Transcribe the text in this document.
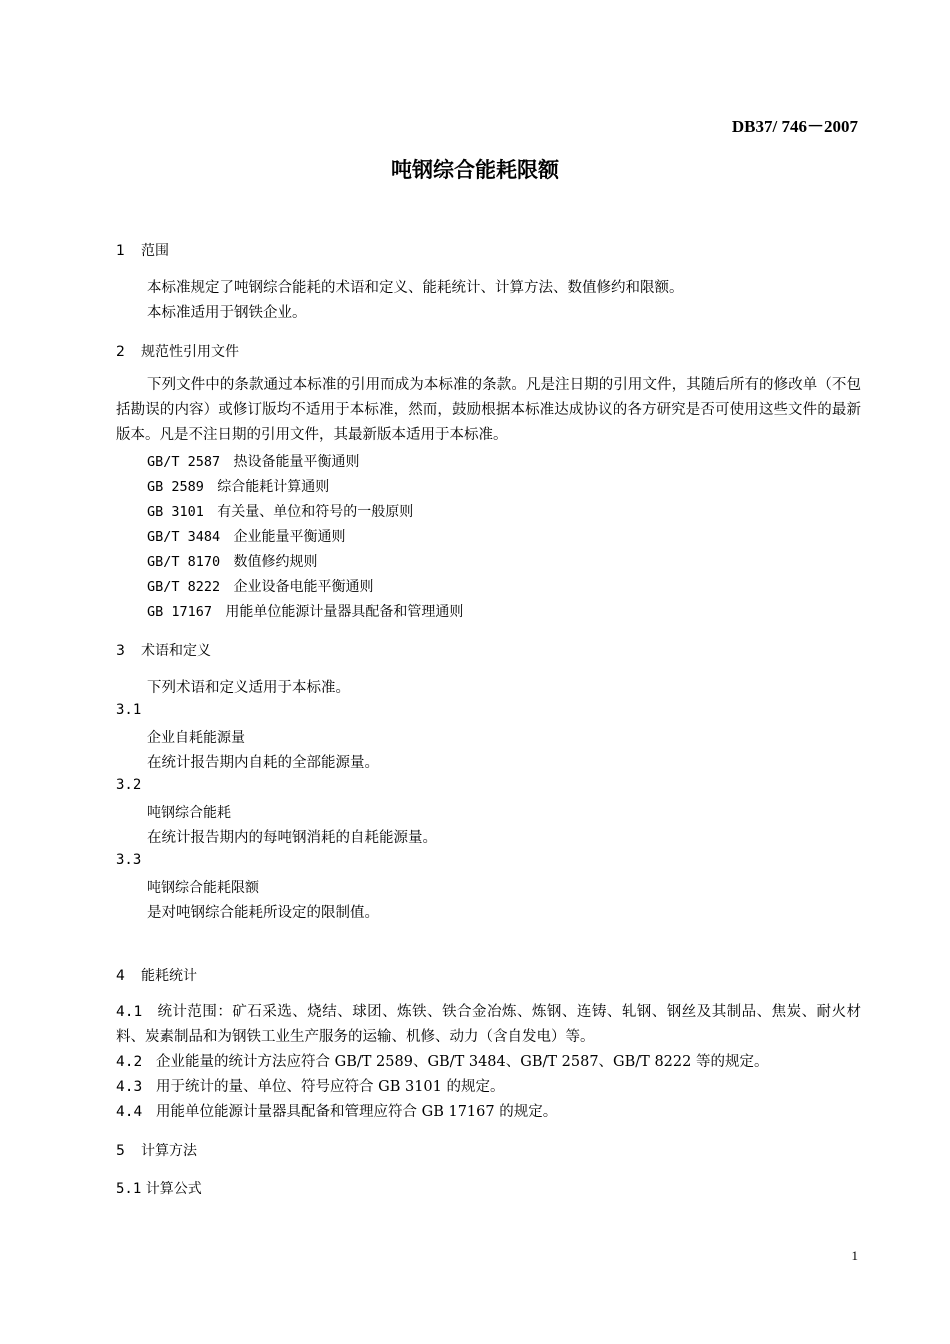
DB37/ 746－2007
吨钢综合能耗限额
1 范围
本标准规定了吨钢综合能耗的术语和定义、能耗统计、计算方法、数值修约和限额。
本标准适用于钢铁企业。
2 规范性引用文件
下列文件中的条款通过本标准的引用而成为本标准的条款。凡是注日期的引用文件，其随后所有的修改单（不包括勘误的内容）或修订版均不适用于本标准，然而，鼓励根据本标准达成协议的各方研究是否可使用这些文件的最新版本。凡是不注日期的引用文件，其最新版本适用于本标准。
GB/T 2587 热设备能量平衡通则
GB 2589 综合能耗计算通则
GB 3101 有关量、单位和符号的一般原则
GB/T 3484 企业能量平衡通则
GB/T 8170 数值修约规则
GB/T 8222 企业设备电能平衡通则
GB 17167 用能单位能源计量器具配备和管理通则
3 术语和定义
下列术语和定义适用于本标准。
3.1
企业自耗能源量
在统计报告期内自耗的全部能源量。
3.2
吨钢综合能耗
在统计报告期内的每吨钢消耗的自耗能源量。
3.3
吨钢综合能耗限额
是对吨钢综合能耗所设定的限制值。
4 能耗统计
4.1 统计范围：矿石采选、烧结、球团、炼铁、铁合金冶炼、炼钢、连铸、轧钢、钢丝及其制品、焦炭、耐火材料、炭素制品和为钢铁工业生产服务的运输、机修、动力（含自发电）等。
4.2 企业能量的统计方法应符合 GB/T 2589、GB/T 3484、GB/T 2587、GB/T 8222 等的规定。
4.3 用于统计的量、单位、符号应符合 GB 3101 的规定。
4.4 用能单位能源计量器具配备和管理应符合 GB 17167 的规定。
5 计算方法
5.1 计算公式
1
